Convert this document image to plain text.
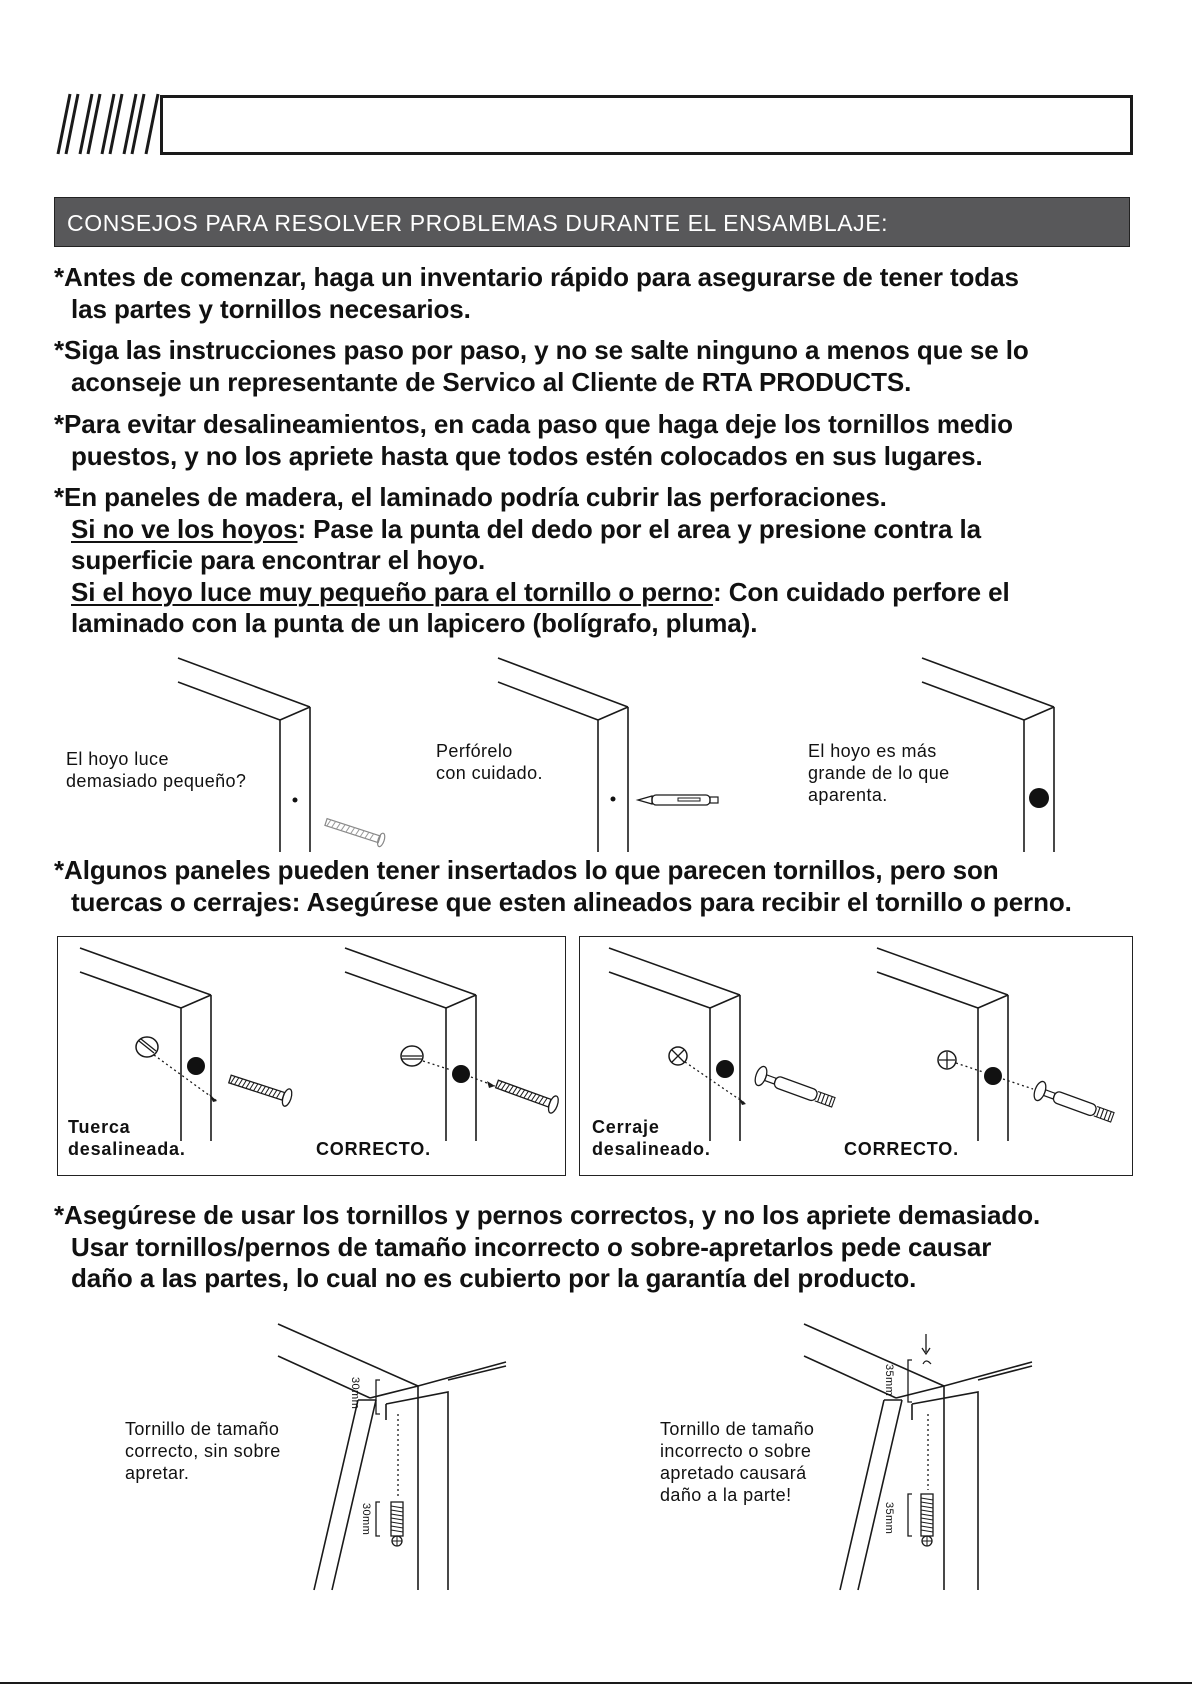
CONSEJOS PARA RESOLVER PROBLEMAS DURANTE EL ENSAMBLAJE:
*Antes de comenzar, haga un inventario rápido para asegurarse de tener todas
las partes y tornillos necesarios.
*Siga las instrucciones paso por paso, y no se salte ninguno a menos que se lo
aconseje un representante de Servico al Cliente de RTA PRODUCTS.
*Para evitar desalineamientos, en cada paso que haga deje los tornillos medio
puestos, y no los apriete hasta que todos estén colocados en sus lugares.
*En paneles de madera, el laminado podría cubrir las perforaciones.
Si no ve los hoyos: Pase la punta del dedo por el area y presione contra la
superficie para encontrar el hoyo.
Si el hoyo luce muy pequeño para el tornillo o perno: Con cuidado perfore el
laminado con la punta de un lapicero (bolígrafo, pluma).
El hoyo luce
demasiado pequeño?
Perfórelo
con cuidado.
El hoyo es más
grande de lo que
aparenta.
*Algunos paneles pueden tener insertados lo que parecen tornillos, pero son
tuercas o cerrajes: Asegúrese que esten alineados para recibir el tornillo o perno.
Tuerca
desalineada.	CORRECTO.
Cerraje
desalineado.	CORRECTO.
*Asegúrese de usar los tornillos y pernos correctos, y no los apriete demasiado.
Usar tornillos/pernos de tamaño incorrecto o sobre-apretarlos pede causar
daño a las partes, lo cual no es cubierto por la garantía del producto.
30mm
30mm
Tornillo de tamaño
correcto, sin sobre
apretar.
35mm
35mm
Tornillo de tamaño
incorrecto o sobre
apretado causará
daño a la parte!
